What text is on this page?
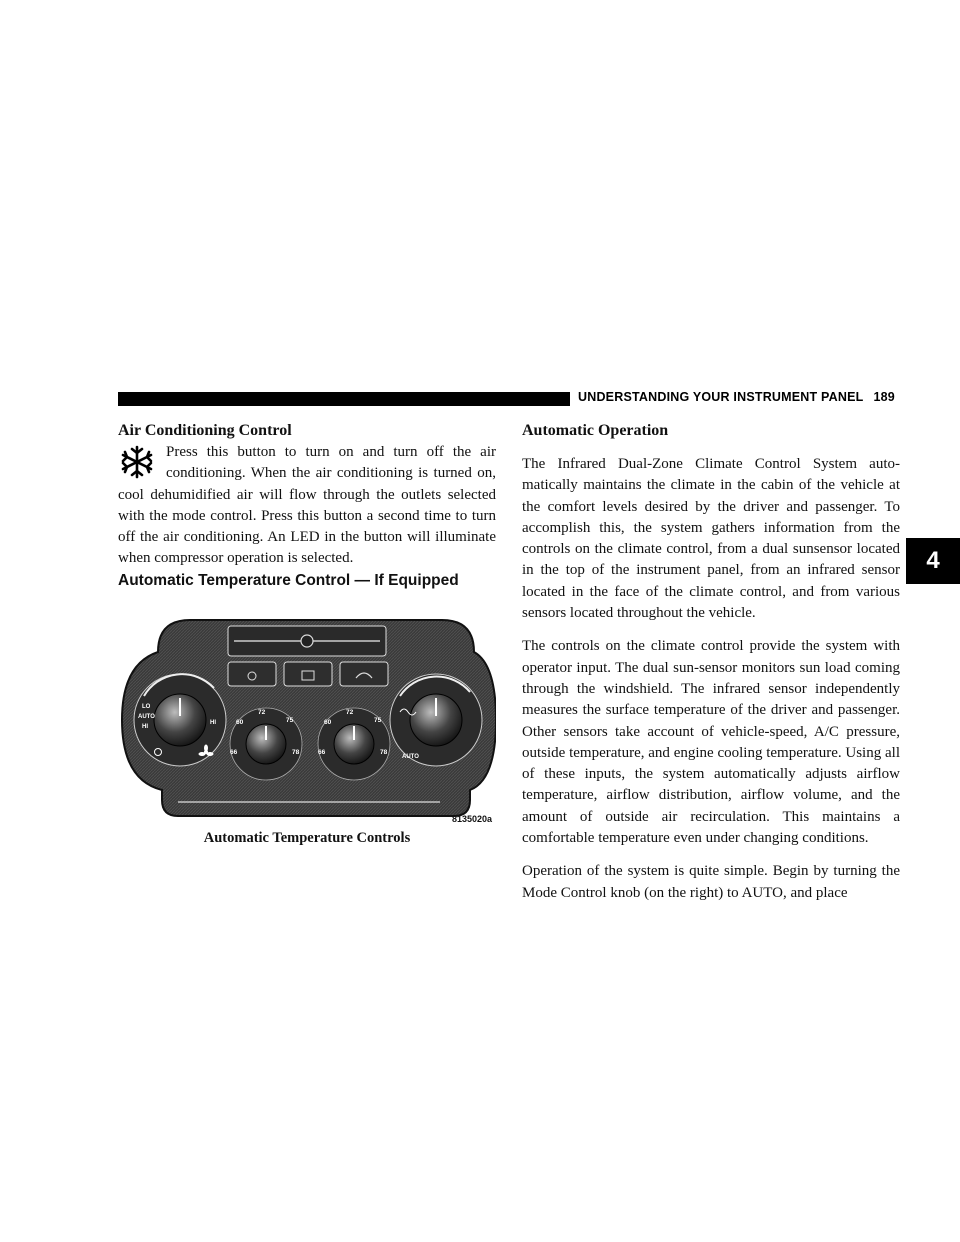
UNDERSTANDING YOUR INSTRUMENT PANEL 189
4
Air Conditioning Control

Press this button to turn on and turn off the air conditioning. When the air conditioning is turned on, cool dehumidified air will flow through the outlets selected with the mode control. Press this button a second time to turn off the air conditioning. An LED in the button will illuminate when compressor operation is selected.

Automatic Temperature Control — If Equipped
LO
AUTO
HI
HI	60
66
72
75
78
60
66
72
75
78
AUTO
8135020a
Automatic Temperature Controls
Automatic Operation

The Infrared Dual-Zone Climate Control System automatically maintains the climate in the cabin of the vehicle at the comfort levels desired by the driver and passenger. To accomplish this, the system gathers information from the controls on the climate control, from a dual sunsensor located in the top of the instrument panel, from an infrared sensor located in the face of the climate control, and from various sensors located throughout the vehicle.

The controls on the climate control provide the system with operator input. The dual sun-sensor monitors sun load coming through the windshield. The infrared sensor independently measures the surface temperature of the driver and passenger. Other sensors take account of vehicle-speed, A/C pressure, outside temperature, and engine cooling temperature. Using all of these inputs, the system automatically adjusts airflow temperature, airflow distribution, airflow volume, and the amount of outside air recirculation. This maintains a comfortable temperature even under changing conditions.

Operation of the system is quite simple. Begin by turning the Mode Control knob (on the right) to AUTO, and place
